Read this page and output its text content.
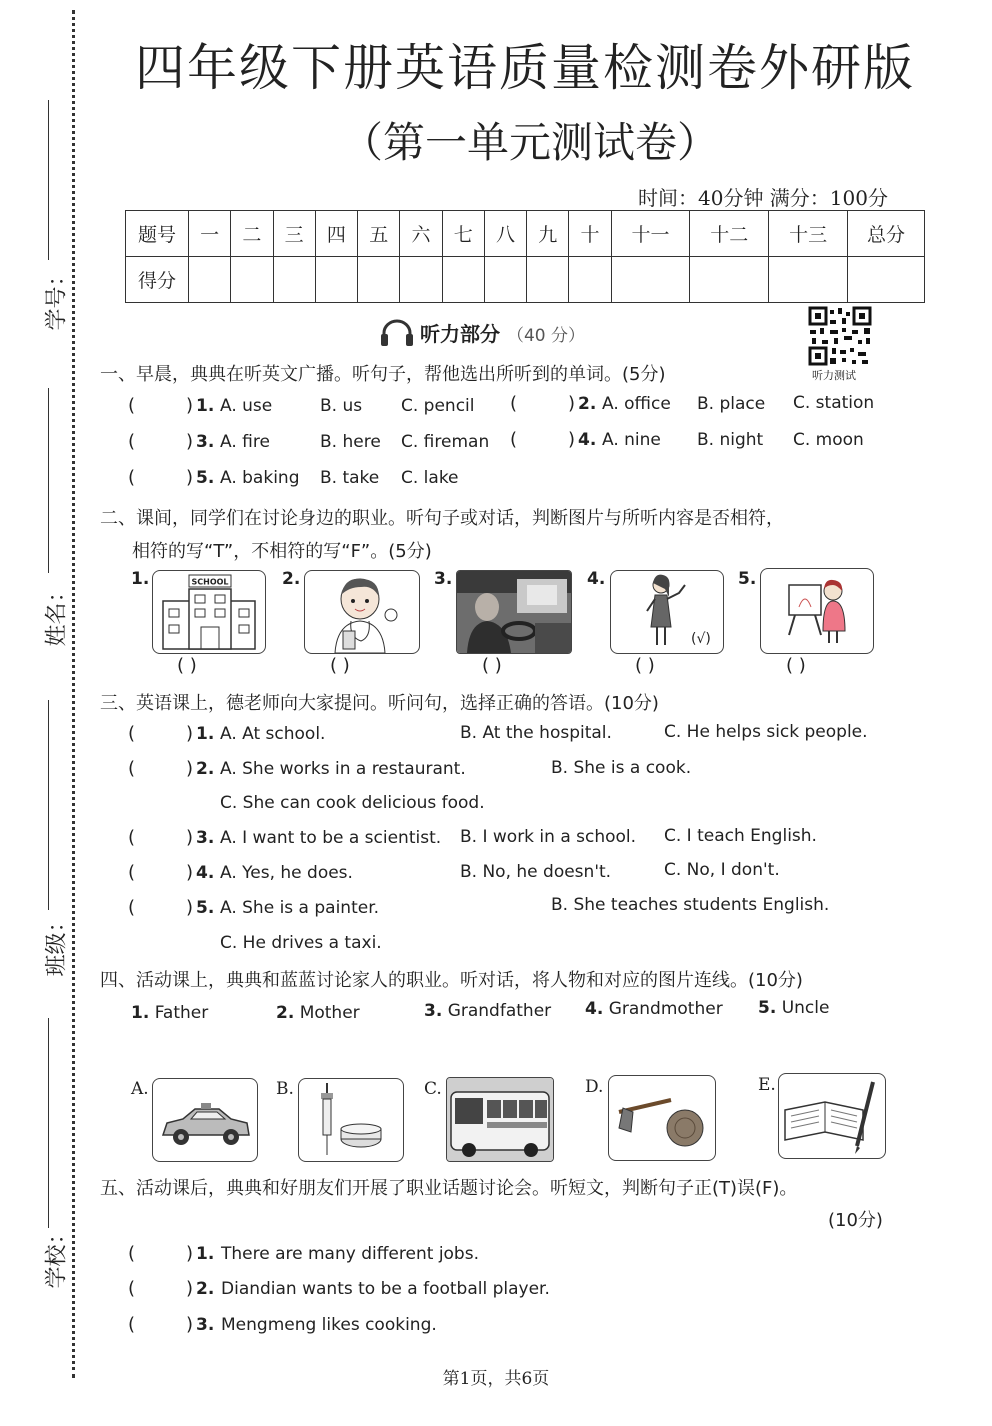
学号：
姓名：
班级：
学校：
四年级下册英语质量检测卷外研版
（第一单元测试卷）
时间：40分钟 满分：100分
题号	一	二	三	四	五	六	七	八	九	十	十一	十二	十三	总分
得分														
听力部分 （40 分）
听力测试
一、早晨，典典在听英文广播。听句子，帮他选出所听到的单词。(5分)
(	) 1. A. use	B. us C. pencil (	) 2. A. office B. place C. station
(	) 3. A. fire	B. here C. fireman (	) 4. A. nine B. night C. moon
(	) 5. A. baking B. take C. lake
二、课间，同学们在讨论身边的职业。听句子或对话，判断图片与所听内容是否相符，
相符的写“T”，不相符的写“F”。(5分)
1.	SCHOOL
( )
2.
( )
3.
( )
4.
(√)
( )
5.
( )
三、英语课上，德老师向大家提问。听问句，选择正确的答语。(10分)
(	) 1. A. At school.	B. At the hospital.	C. He helps sick people.
(	) 2. A. She works in a restaurant.	B. She is a cook.
C. She can cook delicious food.
(	) 3. A. I want to be a scientist. B. I work in a school. C. I teach English.
(	) 4. A. Yes, he does.	B. No, he doesn't.	C. No, I don't.
(	) 5. A. She is a painter.	B. She teaches students English.
C. He drives a taxi.
四、活动课上，典典和蓝蓝讨论家人的职业。听对话，将人物和对应的图片连线。(10分)
1. Father	2. Mother	3. Grandfather 4. Grandmother 5. Uncle
A.	B.	C.	D.	E.
五、活动课后，典典和好朋友们开展了职业话题讨论会。听短文，判断句子正(T)误(F)。
(10分)
(	) 1. There are many different jobs.
(	) 2. Diandian wants to be a football player.
(	) 3. Mengmeng likes cooking.
第1页，共6页
